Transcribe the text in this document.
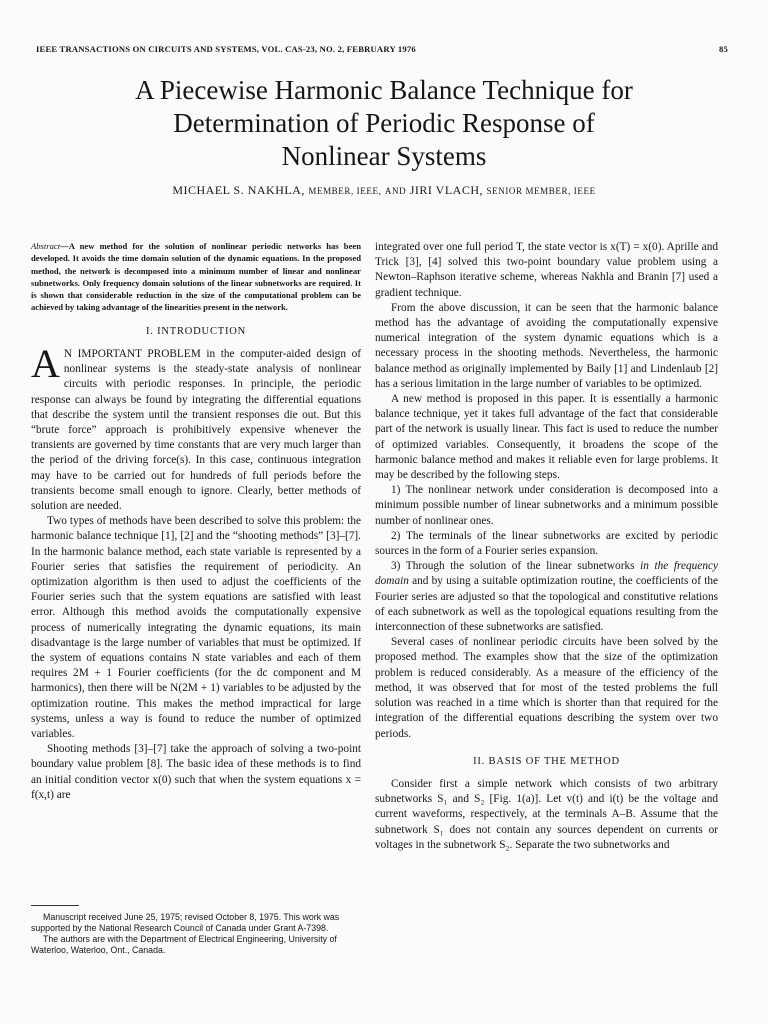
IEEE TRANSACTIONS ON CIRCUITS AND SYSTEMS, VOL. CAS-23, NO. 2, FEBRUARY 1976	85
A Piecewise Harmonic Balance Technique for
Determination of Periodic Response of
Nonlinear Systems
MICHAEL S. NAKHLA, MEMBER, IEEE, AND JIRI VLACH, SENIOR MEMBER, IEEE

Abstract—A new method for the solution of nonlinear periodic networks has been developed. It avoids the time domain solution of the dynamic equations. In the proposed method, the network is decomposed into a minimum number of linear and nonlinear subnetworks. Only frequency domain solutions of the linear subnetworks are required. It is shown that considerable reduction in the size of the computational problem can be achieved by taking advantage of the linearities present in the network.

I. INTRODUCTION

A N IMPORTANT PROBLEM in the computer-aided design of nonlinear systems is the steady-state analysis of nonlinear circuits with periodic responses. In principle, the periodic response can always be found by integrating the differential equations that describe the system until the transient responses die out. But this “brute force” approach is prohibitively expensive whenever the transients are governed by time constants that are very much larger than the period of the driving force(s). In this case, continuous integration may have to be carried out for hundreds of full periods before the transients become small enough to ignore. Clearly, better methods of solution are needed.

Two types of methods have been described to solve this problem: the harmonic balance technique [1], [2] and the “shooting methods” [3]–[7]. In the harmonic balance method, each state variable is represented by a Fourier series that satisfies the requirement of periodicity. An optimization algorithm is then used to adjust the coefficients of the Fourier series such that the system equations are satisfied with least error. Although this method avoids the computationally expensive process of numerically integrating the dynamic equations, its main disadvantage is the large number of variables that must be optimized. If the system of equations contains N state variables and each of them requires 2M + 1 Fourier coefficients (for the dc component and M harmonics), then there will be N(2M + 1) variables to be adjusted by the optimization routine. This makes the method impractical for large systems, unless a way is found to reduce the number of optimized variables.

Shooting methods [3]–[7] take the approach of solving a two-point boundary value problem [8]. The basic idea of these methods is to find an initial condition vector x(0) such that when the system equations x = f(x,t) are

integrated over one full period T, the state vector is x(T) = x(0). Aprille and Trick [3], [4] solved this two-point boundary value problem using a Newton–Raphson iterative scheme, whereas Nakhla and Branin [7] used a gradient technique.

From the above discussion, it can be seen that the harmonic balance method has the advantage of avoiding the computationally expensive numerical integration of the system dynamic equations which is a necessary process in the shooting methods. Nevertheless, the harmonic balance method as originally implemented by Baily [1] and Lindenlaub [2] has a serious limitation in the large number of variables to be optimized.

A new method is proposed in this paper. It is essentially a harmonic balance technique, yet it takes full advantage of the fact that considerable part of the network is usually linear. This fact is used to reduce the number of optimized variables. Consequently, it broadens the scope of the harmonic balance method and makes it reliable even for large problems. It may be described by the following steps.

1) The nonlinear network under consideration is decomposed into a minimum possible number of linear subnetworks and a minimum possible number of nonlinear ones.

2) The terminals of the linear subnetworks are excited by periodic sources in the form of a Fourier series expansion.

3) Through the solution of the linear subnetworks in the frequency domain and by using a suitable optimization routine, the coefficients of the Fourier series are adjusted so that the topological and constitutive relations of each subnetwork as well as the topological equations resulting from the interconnection of these subnetworks are satisfied.

Several cases of nonlinear periodic circuits have been solved by the proposed method. The examples show that the size of the optimization problem is reduced considerably. As a measure of the efficiency of the method, it was observed that for most of the tested problems the full solution was reached in a time which is shorter than that required for the integration of the differential equations describing the system over two periods.

II. BASIS OF THE METHOD

Consider first a simple network which consists of two arbitrary subnetworks S₁ and S₂ [Fig. 1(a)]. Let v(t) and i(t) be the voltage and current waveforms, respectively, at the terminals A–B. Assume that the subnetwork S₁ does not contain any sources dependent on currents or voltages in the subnetwork S₂. Separate the two subnetworks and

Manuscript received June 25, 1975; revised October 8, 1975. This work was supported by the National Research Council of Canada under Grant A-7398.

The authors are with the Department of Electrical Engineering, University of Waterloo, Waterloo, Ont., Canada.
